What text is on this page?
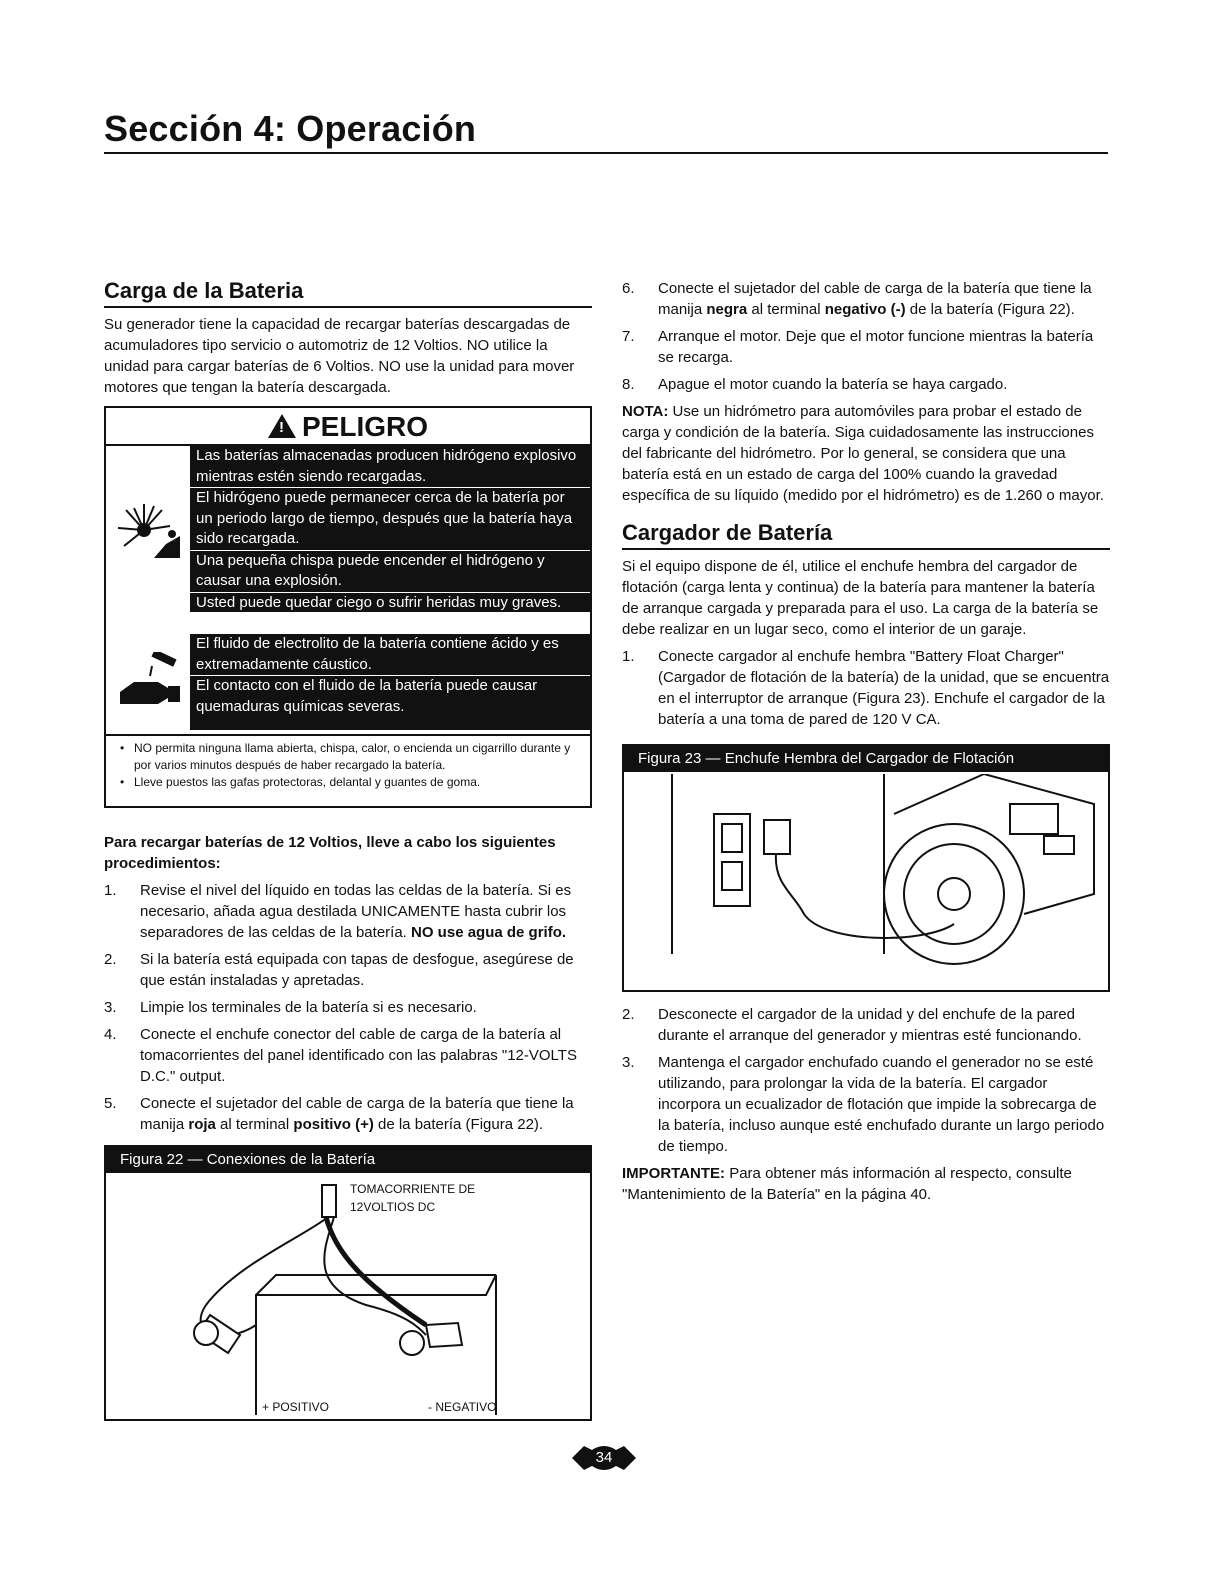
Sección 4: Operación
Carga de la Bateria

Su generador tiene la capacidad de recargar baterías descargadas de acumuladores tipo servicio o automotriz de 12 Voltios. NO utilice la unidad para cargar baterías de 6 Voltios. NO use la unidad para mover motores que tengan la batería descargada.

! PELIGRO

Las baterías almacenadas producen hidrógeno explosivo mientras estén siendo recargadas.

El hidrógeno puede permanecer cerca de la batería por un periodo largo de tiempo, después que la batería haya sido recargada.

Una pequeña chispa puede encender el hidrógeno y causar una explosión.

Usted puede quedar ciego o sufrir heridas muy graves.

El fluido de electrolito de la batería contiene ácido y es extremadamente cáustico.

El contacto con el fluido de la batería puede causar quemaduras químicas severas.

• NO permita ninguna llama abierta, chispa, calor, o encienda un cigarrillo durante y por varios minutos después de haber recargado la batería.

• Lleve puestos las gafas protectoras, delantal y guantes de goma.

Para recargar baterías de 12 Voltios, lleve a cabo los siguientes procedimientos:

1. Revise el nivel del líquido en todas las celdas de la batería. Si es necesario, añada agua destilada UNICAMENTE hasta cubrir los separadores de las celdas de la batería. NO use agua de grifo.
2. Si la batería está equipada con tapas de desfogue, asegúrese de que están instaladas y apretadas.
3. Limpie los terminales de la batería si es necesario.
4. Conecte el enchufe conector del cable de carga de la batería al tomacorrientes del panel identificado con las palabras "12-VOLTS D.C." output.
5. Conecte el sujetador del cable de carga de la batería que tiene la manija roja al terminal positivo (+) de la batería (Figura 22).
Figura 22 — Conexiones de la Batería
TOMACORRIENTE DE
12VOLTIOS DC
+ POSITIVO	- NEGATIVO
6. Conecte el sujetador del cable de carga de la batería que tiene la manija negra al terminal negativo (-) de la batería (Figura 22).
7. Arranque el motor. Deje que el motor funcione mientras la batería se recarga.
8. Apague el motor cuando la batería se haya cargado.

NOTA: Use un hidrómetro para automóviles para probar el estado de carga y condición de la batería. Siga cuidadosamente las instrucciones del fabricante del hidrómetro. Por lo general, se considera que una batería está en un estado de carga del 100% cuando la gravedad específica de su líquido (medido por el hidrómetro) es de 1.260 o mayor.

Cargador de Batería

Si el equipo dispone de él, utilice el enchufe hembra del cargador de flotación (carga lenta y continua) de la batería para mantener la batería de arranque cargada y preparada para el uso. La carga de la batería se debe realizar en un lugar seco, como el interior de un garaje.

1. Conecte cargador al enchufe hembra "Battery Float Charger" (Cargador de flotación de la batería) de la unidad, que se encuentra en el interruptor de arranque (Figura 23). Enchufe el cargador de la batería a una toma de pared de 120 V CA.
Figura 23 — Enchufe Hembra del Cargador de Flotación
2. Desconecte el cargador de la unidad y del enchufe de la pared durante el arranque del generador y mientras esté funcionando.
3. Mantenga el cargador enchufado cuando el generador no se esté utilizando, para prolongar la vida de la batería. El cargador incorpora un ecualizador de flotación que impide la sobrecarga de la batería, incluso aunque esté enchufado durante un largo periodo de tiempo.

IMPORTANTE: Para obtener más información al respecto, consulte "Mantenimiento de la Batería" en la página 40.

34
